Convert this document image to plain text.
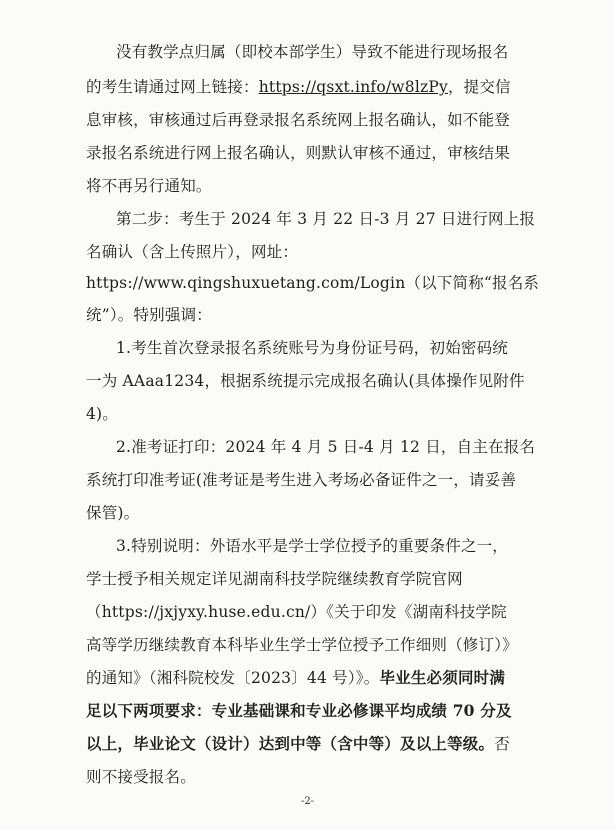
没有教学点归属（即校本部学生）导致不能进行现场报名
的考生请通过网上链接：https://qsxt.info/w8lzPy，提交信
息审核，审核通过后再登录报名系统网上报名确认，如不能登
录报名系统进行网上报名确认，则默认审核不通过，审核结果
将不再另行通知。
第二步：考生于 2024 年 3 月 22 日-3 月 27 日进行网上报
名确认（含上传照片），网址：
https://www.qingshuxuetang.com/Login（以下简称“报名系
统”）。特别强调：
1.考生首次登录报名系统账号为身份证号码，初始密码统
一为 AAaa1234，根据系统提示完成报名确认(具体操作见附件
4)。
2.准考证打印：2024 年 4 月 5 日-4 月 12 日，自主在报名
系统打印准考证(准考证是考生进入考场必备证件之一，请妥善
保管)。
3.特别说明：外语水平是学士学位授予的重要条件之一，
学士授予相关规定详见湖南科技学院继续教育学院官网
（https://jxjyxy.huse.edu.cn/）《关于印发《湖南科技学院
高等学历继续教育本科毕业生学士学位授予工作细则（修订）》
的通知》（湘科院校发〔2023〕44 号）》。毕业生必须同时满
足以下两项要求：专业基础课和专业必修课平均成绩 70 分及
以上，毕业论文（设计）达到中等（含中等）及以上等级。否
则不接受报名。
-2-
